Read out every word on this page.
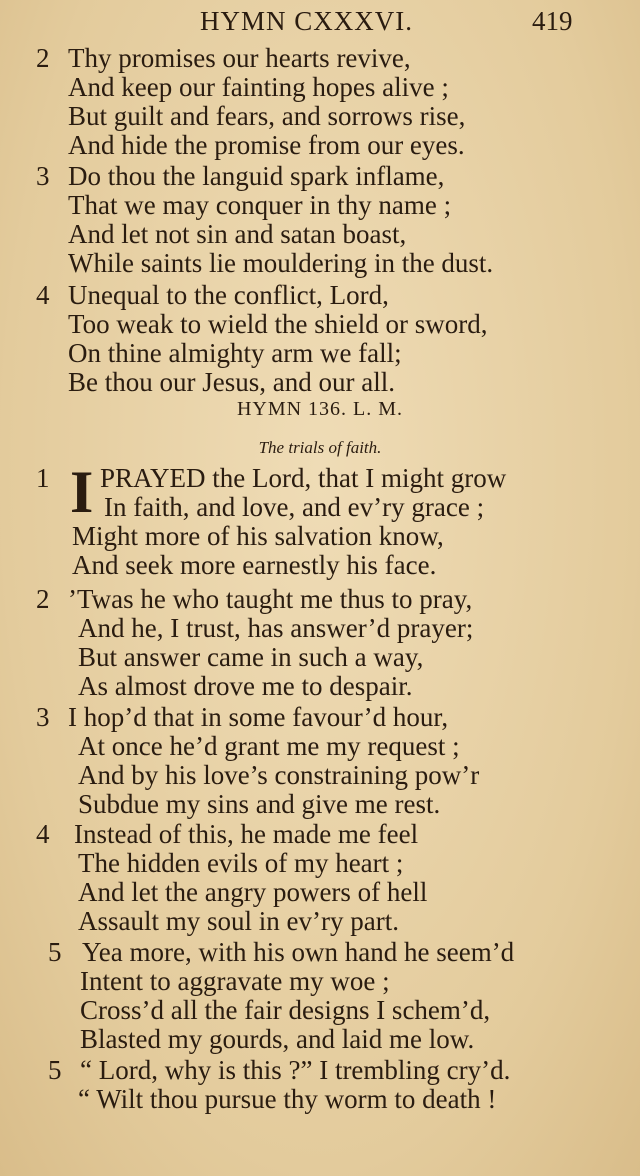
HYMN CXXXVI.	419
2 Thy promises our hearts revive,
And keep our fainting hopes alive ;
But guilt and fears, and sorrows rise,
And hide the promise from our eyes.
3 Do thou the languid spark inflame,
That we may conquer in thy name ;
And let not sin and satan boast,
While saints lie mouldering in the dust.
4 Unequal to the conflict, Lord,
Too weak to wield the shield or sword,
On thine almighty arm we fall;
Be thou our Jesus, and our all.
HYMN 136. L. M.
The trials of faith.
1 PRAYED the Lord, that I might grow
In faith, and love, and ev’ry grace ;
Might more of his salvation know,
And seek more earnestly his face.
I
2 ’Twas he who taught me thus to pray,
And he, I trust, has answer’d prayer;
But answer came in such a way,
As almost drove me to despair.
3 I hop’d that in some favour’d hour,
At once he’d grant me my request ;
And by his love’s constraining pow’r
Subdue my sins and give me rest.
4 Instead of this, he made me feel
The hidden evils of my heart ;
And let the angry powers of hell
Assault my soul in ev’ry part.
5 Yea more, with his own hand he seem’d
Intent to aggravate my woe ;
Cross’d all the fair designs I schem’d,
Blasted my gourds, and laid me low.
5 “ Lord, why is this ?” I trembling cry’d.
“ Wilt thou pursue thy worm to death !
